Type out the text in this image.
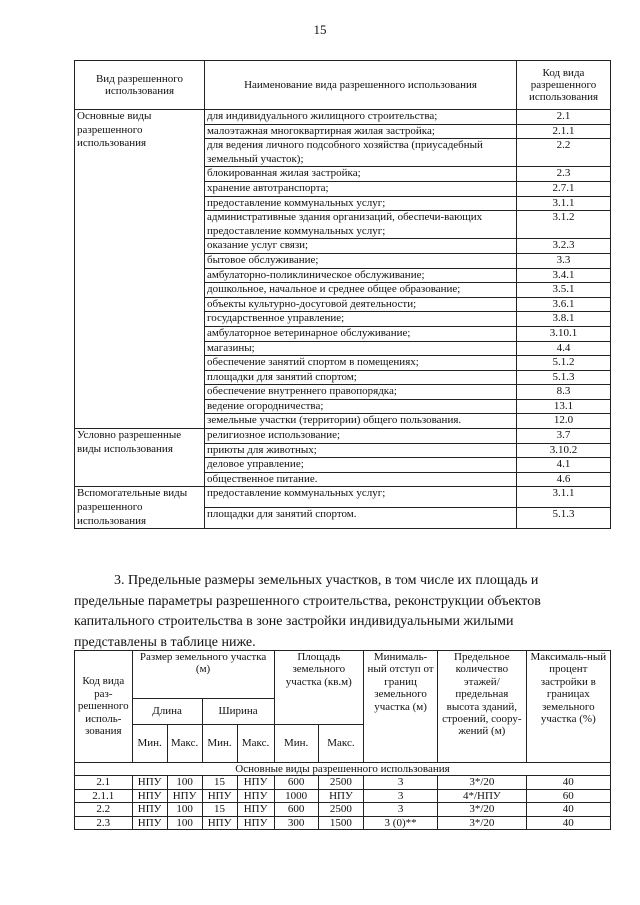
15
Вид разрешенного использования	Наименование вида разрешенного использования	Код вида разрешенного использования
Основные виды разрешенного использования	для индивидуального жилищного строительства;	2.1
	малоэтажная многоквартирная жилая застройка;	2.1.1
	для ведения личного подсобного хозяйства (приусадебный земельный участок);	2.2
	блокированная жилая застройка;	2.3
	хранение автотранспорта;	2.7.1
	предоставление коммунальных услуг;	3.1.1
	административные здания организаций, обеспечи-вающих предоставление коммунальных услуг;	3.1.2
	оказание услуг связи;	3.2.3
	бытовое обслуживание;	3.3
	амбулаторно-поликлиническое обслуживание;	3.4.1
	дошкольное, начальное и среднее общее образование;	3.5.1
	объекты культурно-досуговой деятельности;	3.6.1
	государственное управление;	3.8.1
	амбулаторное ветеринарное обслуживание;	3.10.1
	магазины;	4.4
	обеспечение занятий спортом в помещениях;	5.1.2
	площадки для занятий спортом;	5.1.3
	обеспечение внутреннего правопорядка;	8.3
	ведение огородничества;	13.1
	земельные участки (территории) общего пользования.	12.0
Условно разрешенные виды использования	религиозное использование;	3.7
	приюты для животных;	3.10.2
	деловое управление;	4.1
	общественное питание.	4.6
Вспомогательные виды разрешенного использования	предоставление коммунальных услуг;	3.1.1
	площадки для занятий спортом.	5.1.3
3. Предельные размеры земельных участков, в том числе их площадь и
предельные параметры разрешенного строительства, реконструкции объектов
капитального строительства в зоне застройки индивидуальными жилыми
представлены в таблице ниже.
Код вида раз-решенного исполь-зования	Размер земельного участка (м)				Площадь земельного участка (кв.м)		Минималь-ный отступ от границ земельного участка (м)	Предельное количество этажей/ предельная высота зданий, строений, соору-жений (м)	Максималь-ный процент застройки в границах земельного участка (%)
	Длина		Ширина						
	Мин.	Макс.	Мин.	Макс.	Мин.	Макс.			
Основные виды разрешенного использования									
2.1	НПУ	100	15	НПУ	600	2500	3	3*/20	40
2.1.1	НПУ	НПУ	НПУ	НПУ	1000	НПУ	3	4*/НПУ	60
2.2	НПУ	100	15	НПУ	600	2500	3	3*/20	40
2.3	НПУ	100	НПУ	НПУ	300	1500	3 (0)**	3*/20	40
